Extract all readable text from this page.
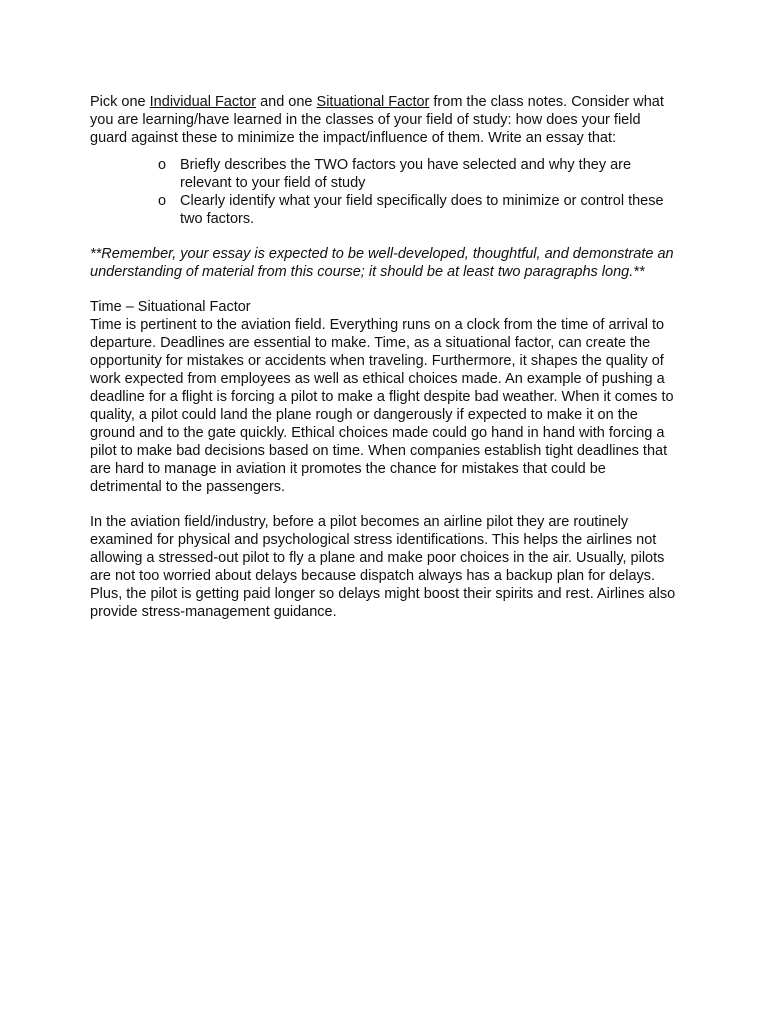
Pick one Individual Factor and one Situational Factor from the class notes. Consider what you are learning/have learned in the classes of your field of study: how does your field guard against these to minimize the impact/influence of them. Write an essay that:

o Briefly describes the TWO factors you have selected and why they are relevant to your field of study
o Clearly identify what your field specifically does to minimize or control these two factors.

**Remember, your essay is expected to be well-developed, thoughtful, and demonstrate an understanding of material from this course; it should be at least two paragraphs long.**

Time – Situational Factor

Time is pertinent to the aviation field. Everything runs on a clock from the time of arrival to departure. Deadlines are essential to make. Time, as a situational factor, can create the opportunity for mistakes or accidents when traveling. Furthermore, it shapes the quality of work expected from employees as well as ethical choices made. An example of pushing a deadline for a flight is forcing a pilot to make a flight despite bad weather. When it comes to quality, a pilot could land the plane rough or dangerously if expected to make it on the ground and to the gate quickly. Ethical choices made could go hand in hand with forcing a pilot to make bad decisions based on time. When companies establish tight deadlines that are hard to manage in aviation it promotes the chance for mistakes that could be detrimental to the passengers.

In the aviation field/industry, before a pilot becomes an airline pilot they are routinely examined for physical and psychological stress identifications. This helps the airlines not allowing a stressed-out pilot to fly a plane and make poor choices in the air. Usually, pilots are not too worried about delays because dispatch always has a backup plan for delays. Plus, the pilot is getting paid longer so delays might boost their spirits and rest. Airlines also provide stress-management guidance.
